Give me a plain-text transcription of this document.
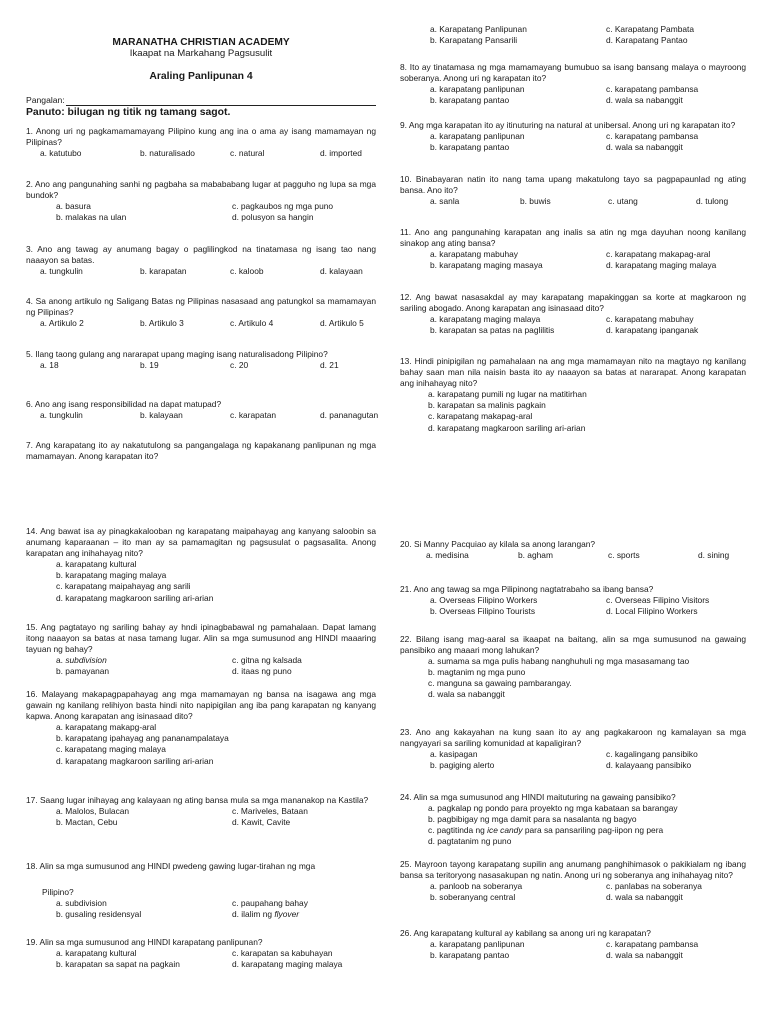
MARANATHA CHRISTIAN ACADEMY
Ikaapat na Markahang Pagsusulit
Araling Panlipunan 4
Pangalan:
Panuto: bilugan ng titik ng tamang sagot.
1. Anong uri ng pagkamamamayang Pilipino kung ang ina o ama ay isang mamamayan ng Pilipinas?
a. katutubo	b. naturalisado	c. natural	d. imported
2. Ano ang pangunahing sanhi ng pagbaha sa mabababang lugar at pagguho ng lupa sa mga bundok?
a. basura	c. pagkaubos ng mga puno
b. malakas na ulan	d. polusyon sa hangin
3. Ano ang tawag ay anumang bagay o paglilingkod na tinatamasa ng isang tao nang naaayon sa batas.
a. tungkulin	b. karapatan	c. kaloob	d. kalayaan
4. Sa anong artikulo ng Saligang Batas ng Pilipinas nasasaad ang patungkol sa mamamayan ng Pilipinas?
a. Artikulo 2	b. Artikulo 3	c. Artikulo 4	d. Artikulo 5
5. Ilang taong gulang ang nararapat upang maging isang naturalisadong Pilipino?
a. 18	b. 19	c. 20	d. 21
6. Ano ang isang responsibilidad na dapat matupad?
a. tungkulin	b. kalayaan	c. karapatan	d. pananagutan
7. Ang karapatang ito ay nakatutulong sa pangangalaga ng kapakanang panlipunan ng mga mamamayan. Anong karapatan ito?
a. Karapatang Panlipunan	c. Karapatang Pambata
b. Karapatang Pansarili	d. Karapatang Pantao
8. Ito ay tinatamasa ng mga mamamayang bumubuo sa isang bansang malaya o mayroong soberanya. Anong uri ng karapatan ito?
a. karapatang panlipunan	c. karapatang pambansa
b. karapatang pantao	d. wala sa nabanggit
9. Ang mga karapatan ito ay itinuturing na natural at unibersal. Anong uri ng karapatan ito?
a. karapatang panlipunan	c. karapatang pambansa
b. karapatang pantao	d. wala sa nabanggit
10. Binabayaran natin ito nang tama upang makatulong tayo sa pagpapaunlad ng ating bansa. Ano ito?
a. sanla	b. buwis	c. utang	d. tulong
11. Ano ang pangunahing karapatan ang inalis sa atin ng mga dayuhan noong kanilang sinakop ang ating bansa?
a. karapatang mabuhay	c. karapatang makapag-aral
b. karapatang maging masaya	d. karapatang maging malaya
12. Ang bawat nasasakdal ay may karapatang mapakinggan sa korte at magkaroon ng sariling abogado. Anong karapatan ang isinasaad dito?
a. karapatang maging malaya	c. karapatang mabuhay
b. karapatan sa patas na paglilitis	d. karapatang ipanganak
13. Hindi pinipigilan ng pamahalaan na ang mga mamamayan nito na magtayo ng kanilang bahay saan man nila naisin basta ito ay naaayon sa batas at nararapat. Anong karapatan ang inihahayag nito?
a. karapatang pumili ng lugar na matitirhan
b. karapatan sa malinis pagkain
c. karapatang makapag-aral
d. karapatang magkaroon sariling ari-arian
14. Ang bawat isa ay pinagkakalooban ng karapatang maipahayag ang kanyang saloobin sa anumang kaparaanan – ito man ay sa pamamagitan ng pagsusulat o pagsasalita. Anong karapatan ang inihahayag nito?
a. karapatang kultural
b. karapatang maging malaya
c. karapatang maipahayag ang sarili
d. karapatang magkaroon sariling ari-arian
15. Ang pagtatayo ng sariling bahay ay hndi ipinagbabawal ng pamahalaan. Dapat lamang itong naaayon sa batas at nasa tamang lugar. Alin sa mga sumusunod ang HINDI maaaring tayuan ng bahay?
a. subdivision	c. gitna ng kalsada
b. pamayanan	d. itaas ng puno
16. Malayang makapagpapahayag ang mga mamamayan ng bansa na isagawa ang mga gawain ng kanilang relihiyon basta hindi nito napipigilan ang iba pang karapatan ng kanyang kapwa. Anong karapatan ang isinasaad dito?
a. karapatang makapg-aral
b. karapatang ipahayag ang pananampalataya
c. karapatang maging malaya
d. karapatang magkaroon sariling ari-arian
17. Saang lugar inihayag ang kalayaan ng ating bansa mula sa mga mananakop na Kastila?
a. Malolos, Bulacan	c. Mariveles, Bataan
b. Mactan, Cebu	d. Kawit, Cavite
18. Alin sa mga sumusunod ang HINDI pwedeng gawing lugar-tirahan ng mga
Pilipino?
a. subdivision	c. paupahang bahay
b. gusaling residensyal	d. ilalim ng flyover
19. Alin sa mga sumusunod ang HINDI karapatang panlipunan?
a. karapatang kultural	c. karapatan sa kabuhayan
b. karapatan sa sapat na pagkain	d. karapatang maging malaya
20. Si Manny Pacquiao ay kilala sa anong larangan?
a. medisina	b. agham	c. sports	d. sining
21. Ano ang tawag sa mga Pilipinong nagtatrabaho sa ibang bansa?
a. Overseas Filipino Workers	c. Overseas Filipino Visitors
b. Overseas Filipino Tourists	d. Local Filipino Workers
22. Bilang isang mag-aaral sa ikaapat na baitang, alin sa mga sumusunod na gawaing pansibiko ang maaari mong lahukan?
a. sumama sa mga pulis habang nanghuhuli ng mga masasamang tao
b. magtanim ng mga puno
c. manguna sa gawaing pambarangay.
d. wala sa nabanggit
23. Ano ang kakayahan na kung saan ito ay ang pagkakaroon ng kamalayan sa mga nangyayari sa sariling komunidad at kapaligiran?
a. kasipagan	c. kagalingang pansibiko
b. pagiging alerto	d. kalayaang pansibiko
24. Alin sa mga sumusunod ang HINDI maituturing na gawaing pansibiko?
a. pagkalap ng pondo para proyekto ng mga kabataan sa barangay
b. pagbibigay ng mga damit para sa nasalanta ng bagyo
c. pagtitinda ng ice candy para sa pansariling pag-iipon ng pera
d. pagtatanim ng puno
25. Mayroon tayong karapatang supilin ang anumang panghihimasok o pakikialam ng ibang bansa sa teritoryong nasasakupan ng natin. Anong uri ng soberanya ang inihahayag nito?
a. panloob na soberanya	c. panlabas na soberanya
b. soberanyang central	d. wala sa nabanggit
26. Ang karapatang kultural ay kabilang sa anong uri ng karapatan?
a. karapatang panlipunan	c. karapatang pambansa
b. karapatang pantao	d. wala sa nabanggit
